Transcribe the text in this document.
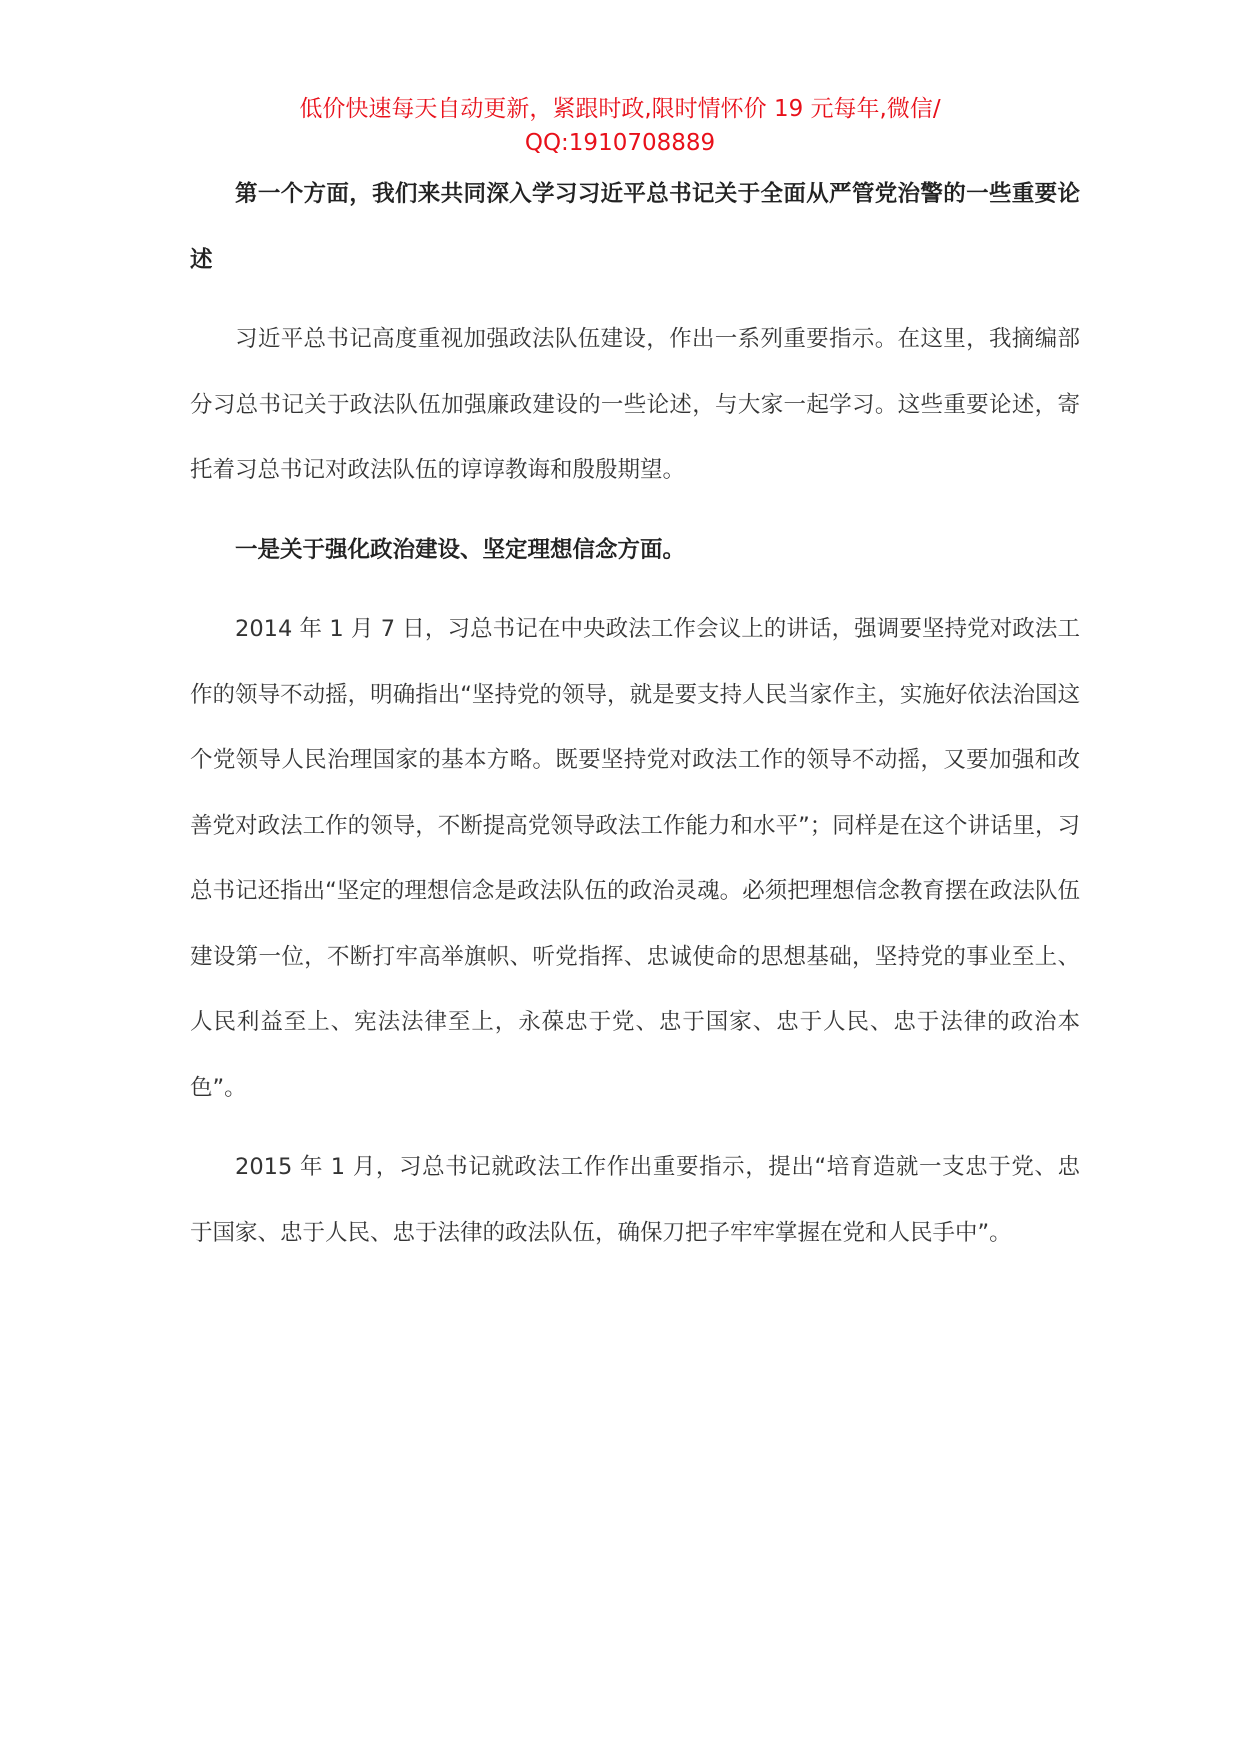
低价快速每天自动更新，紧跟时政,限时情怀价 19 元每年,微信/
QQ:1910708889

第一个方面，我们来共同深入学习习近平总书记关于全面从严管党治警的一些重要论述

习近平总书记高度重视加强政法队伍建设，作出一系列重要指示。在这里，我摘编部分习总书记关于政法队伍加强廉政建设的一些论述，与大家一起学习。这些重要论述，寄托着习总书记对政法队伍的谆谆教诲和殷殷期望。

一是关于强化政治建设、坚定理想信念方面。

2014 年 1 月 7 日，习总书记在中央政法工作会议上的讲话，强调要坚持党对政法工作的领导不动摇，明确指出“坚持党的领导，就是要支持人民当家作主，实施好依法治国这个党领导人民治理国家的基本方略。既要坚持党对政法工作的领导不动摇，又要加强和改善党对政法工作的领导，不断提高党领导政法工作能力和水平”；同样是在这个讲话里，习总书记还指出“坚定的理想信念是政法队伍的政治灵魂。必须把理想信念教育摆在政法队伍建设第一位，不断打牢高举旗帜、听党指挥、忠诚使命的思想基础，坚持党的事业至上、人民利益至上、宪法法律至上，永葆忠于党、忠于国家、忠于人民、忠于法律的政治本色”。

2015 年 1 月，习总书记就政法工作作出重要指示，提出“培育造就一支忠于党、忠于国家、忠于人民、忠于法律的政法队伍，确保刀把子牢牢掌握在党和人民手中”。
